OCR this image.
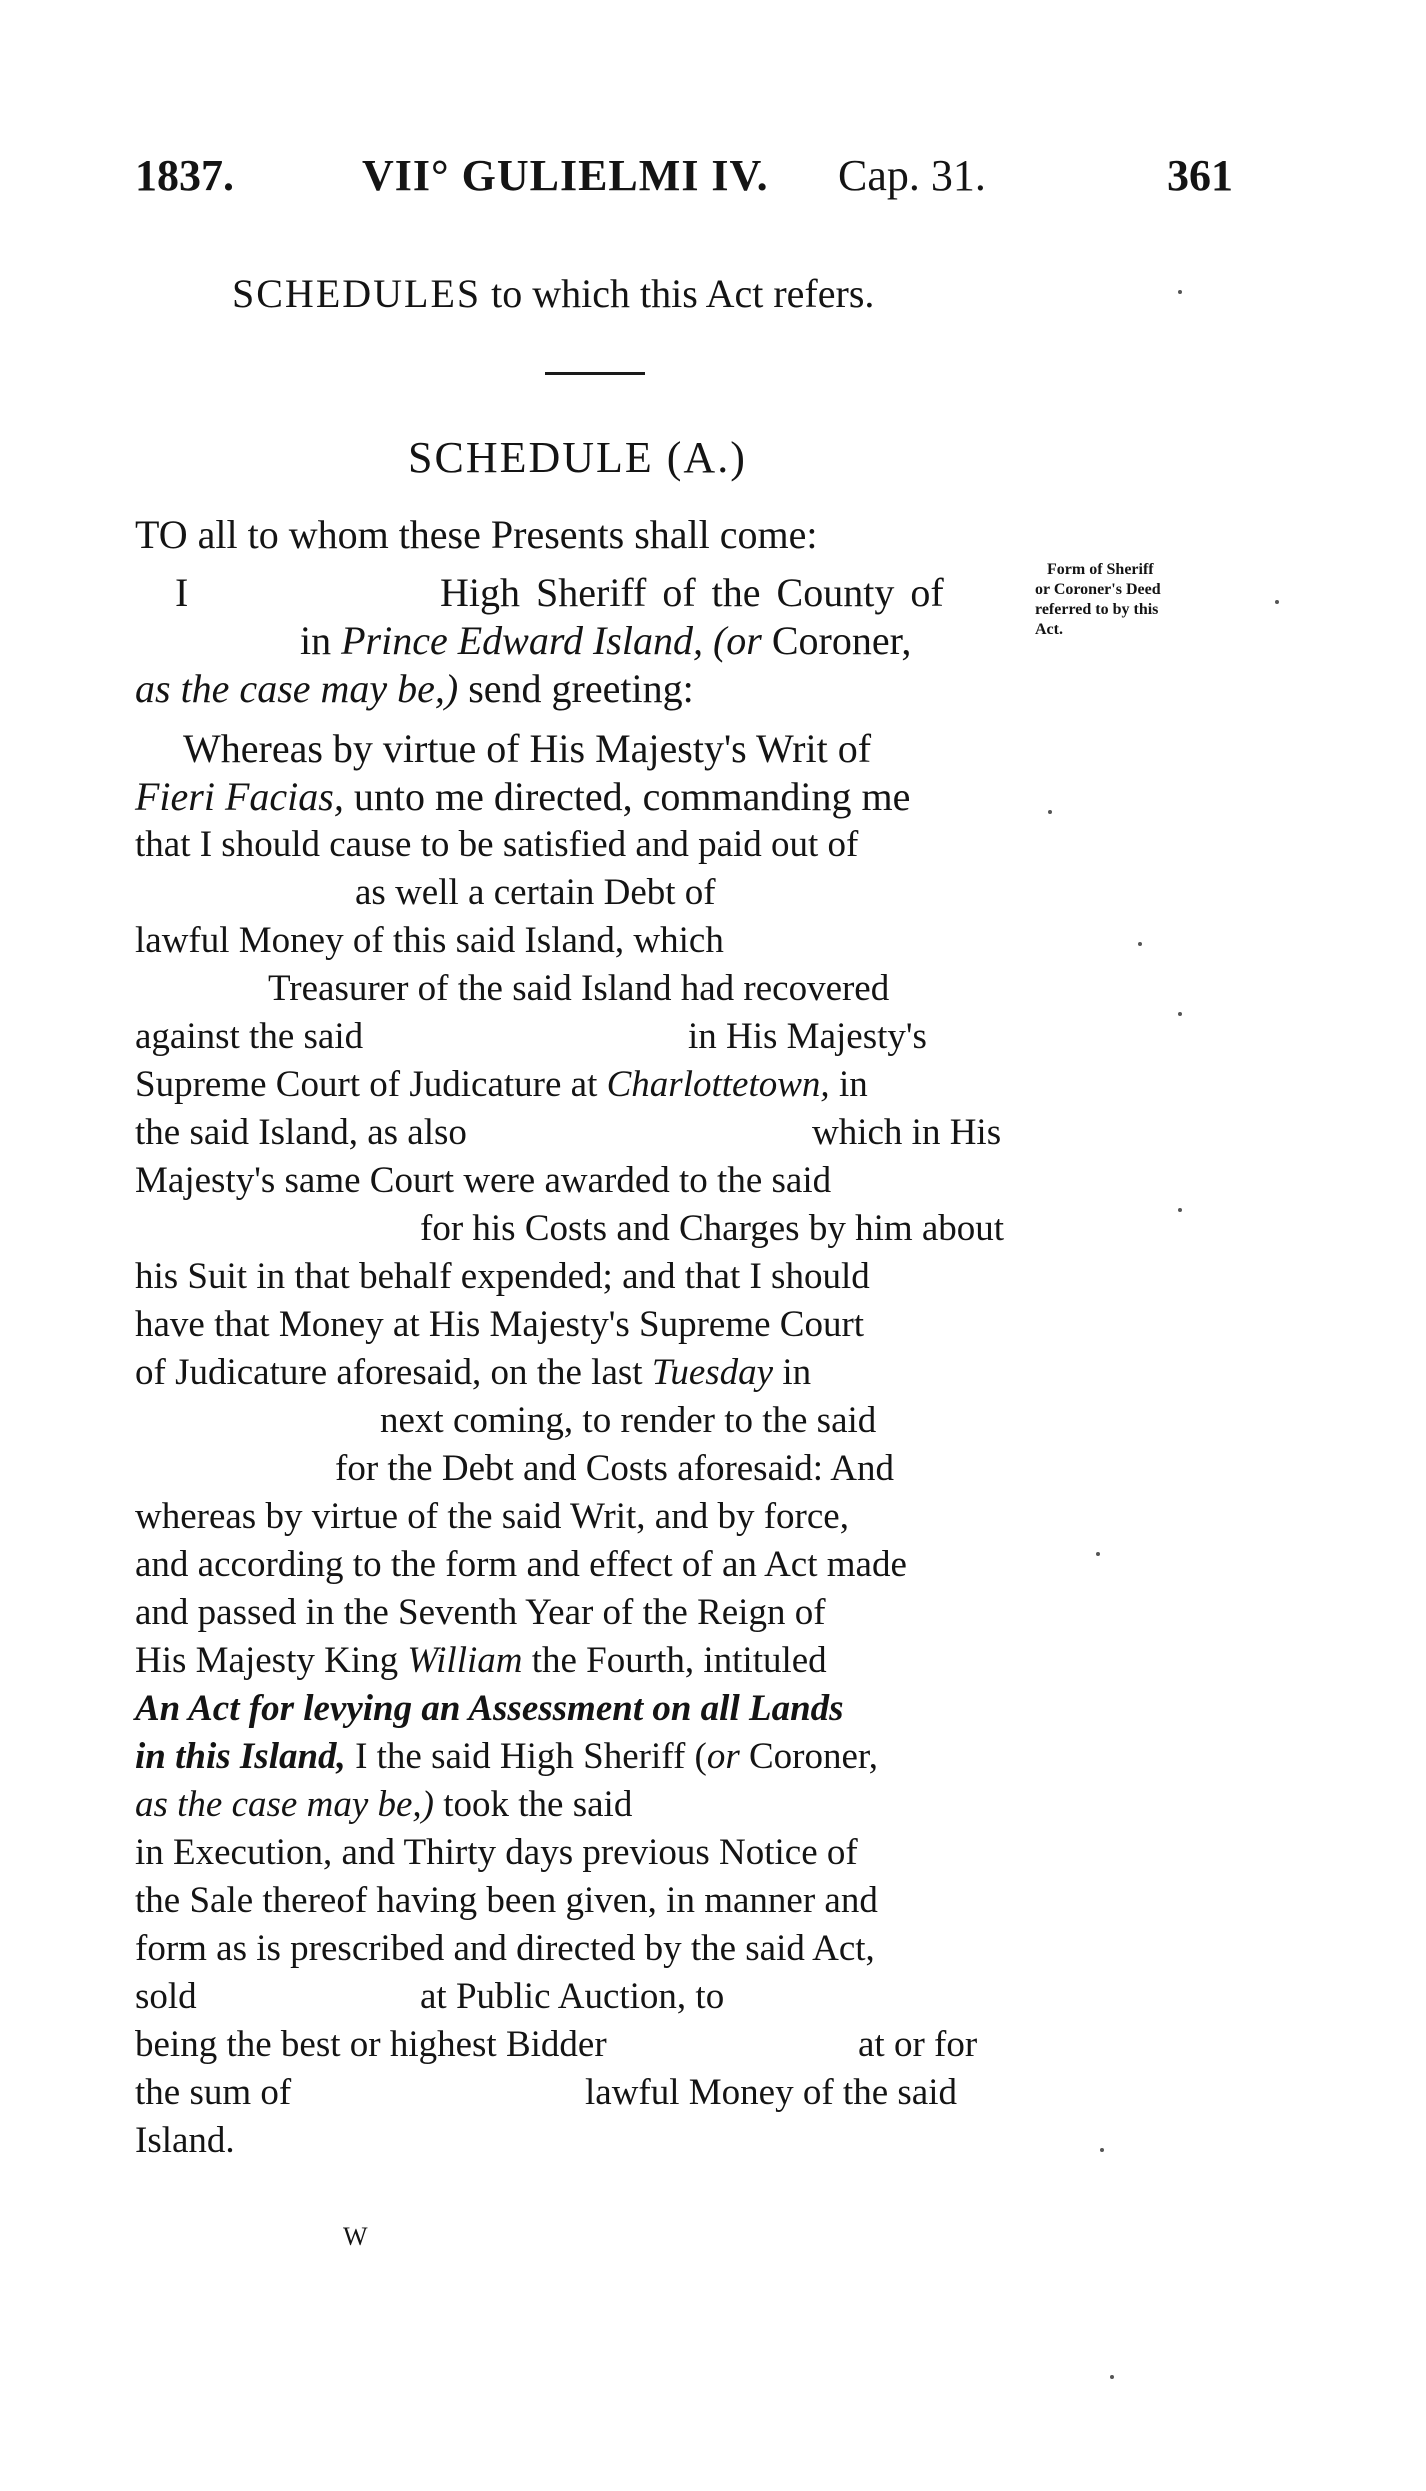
1837.	VII° GULIELMI IV. Cap. 31.	361
SCHEDULES to which this Act refers.
SCHEDULE (A.)
Form of Sheriff
or Coroner's Deed
referred to by this
Act.
TO all to whom these Presents shall come:
I	High Sheriff of the County of
in Prince Edward Island, (or Coroner,
as the case may be,) send greeting:
Whereas by virtue of His Majesty's Writ of
Fieri Facias, unto me directed, commanding me
that I should cause to be satisfied and paid out of
as well a certain Debt of
lawful Money of this said Island, which
Treasurer of the said Island had recovered
against the said	in His Majesty's
Supreme Court of Judicature at Charlottetown, in
the said Island, as also	which in His
Majesty's same Court were awarded to the said
for his Costs and Charges by him about
his Suit in that behalf expended; and that I should
have that Money at His Majesty's Supreme Court
of Judicature aforesaid, on the last Tuesday in
next coming, to render to the said
for the Debt and Costs aforesaid: And
whereas by virtue of the said Writ, and by force,
and according to the form and effect of an Act made
and passed in the Seventh Year of the Reign of
His Majesty King William the Fourth, intituled
An Act for levying an Assessment on all Lands
in this Island, I the said High Sheriff (or Coroner,
as the case may be,) took the said
in Execution, and Thirty days previous Notice of
the Sale thereof having been given, in manner and
form as is prescribed and directed by the said Act,
sold	at Public Auction, to
being the best or highest Bidder	at or for
the sum of	lawful Money of the said
Island.
W
